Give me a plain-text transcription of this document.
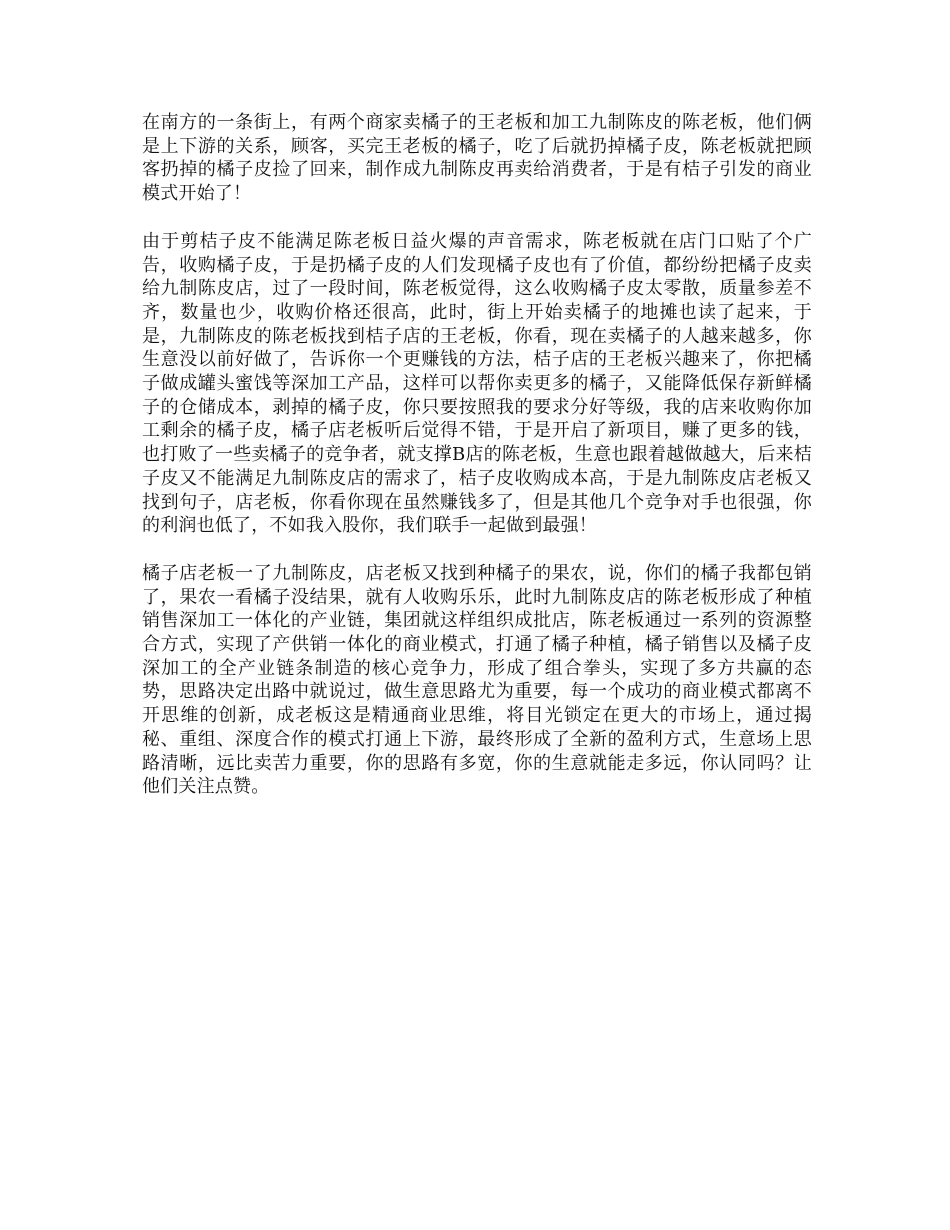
在南方的一条街上，有两个商家卖橘子的王老板和加工九制陈皮的陈老板，他们俩是上下游的关系，顾客，买完王老板的橘子，吃了后就扔掉橘子皮，陈老板就把顾客扔掉的橘子皮捡了回来，制作成九制陈皮再卖给消费者，于是有桔子引发的商业模式开始了！

由于剪桔子皮不能满足陈老板日益火爆的声音需求，陈老板就在店门口贴了个广告，收购橘子皮，于是扔橘子皮的人们发现橘子皮也有了价值，都纷纷把橘子皮卖给九制陈皮店，过了一段时间，陈老板觉得，这么收购橘子皮太零散，质量参差不齐，数量也少，收购价格还很高，此时，街上开始卖橘子的地摊也读了起来，于是，九制陈皮的陈老板找到桔子店的王老板，你看，现在卖橘子的人越来越多，你生意没以前好做了，告诉你一个更赚钱的方法，桔子店的王老板兴趣来了，你把橘子做成罐头蜜饯等深加工产品，这样可以帮你卖更多的橘子，又能降低保存新鲜橘子的仓储成本，剥掉的橘子皮，你只要按照我的要求分好等级，我的店来收购你加工剩余的橘子皮，橘子店老板听后觉得不错，于是开启了新项目，赚了更多的钱，也打败了一些卖橘子的竞争者，就支撑B店的陈老板，生意也跟着越做越大，后来桔子皮又不能满足九制陈皮店的需求了，桔子皮收购成本高，于是九制陈皮店老板又找到句子，店老板，你看你现在虽然赚钱多了，但是其他几个竞争对手也很强，你的利润也低了，不如我入股你，我们联手一起做到最强！

橘子店老板一了九制陈皮，店老板又找到种橘子的果农，说，你们的橘子我都包销了，果农一看橘子没结果，就有人收购乐乐，此时九制陈皮店的陈老板形成了种植销售深加工一体化的产业链，集团就这样组织成批店，陈老板通过一系列的资源整合方式，实现了产供销一体化的商业模式，打通了橘子种植，橘子销售以及橘子皮深加工的全产业链条制造的核心竞争力，形成了组合拳头，实现了多方共赢的态势，思路决定出路中就说过，做生意思路尤为重要，每一个成功的商业模式都离不开思维的创新，成老板这是精通商业思维，将目光锁定在更大的市场上，通过揭秘、重组、深度合作的模式打通上下游，最终形成了全新的盈利方式，生意场上思路清晰，远比卖苦力重要，你的思路有多宽，你的生意就能走多远，你认同吗？让他们关注点赞。
